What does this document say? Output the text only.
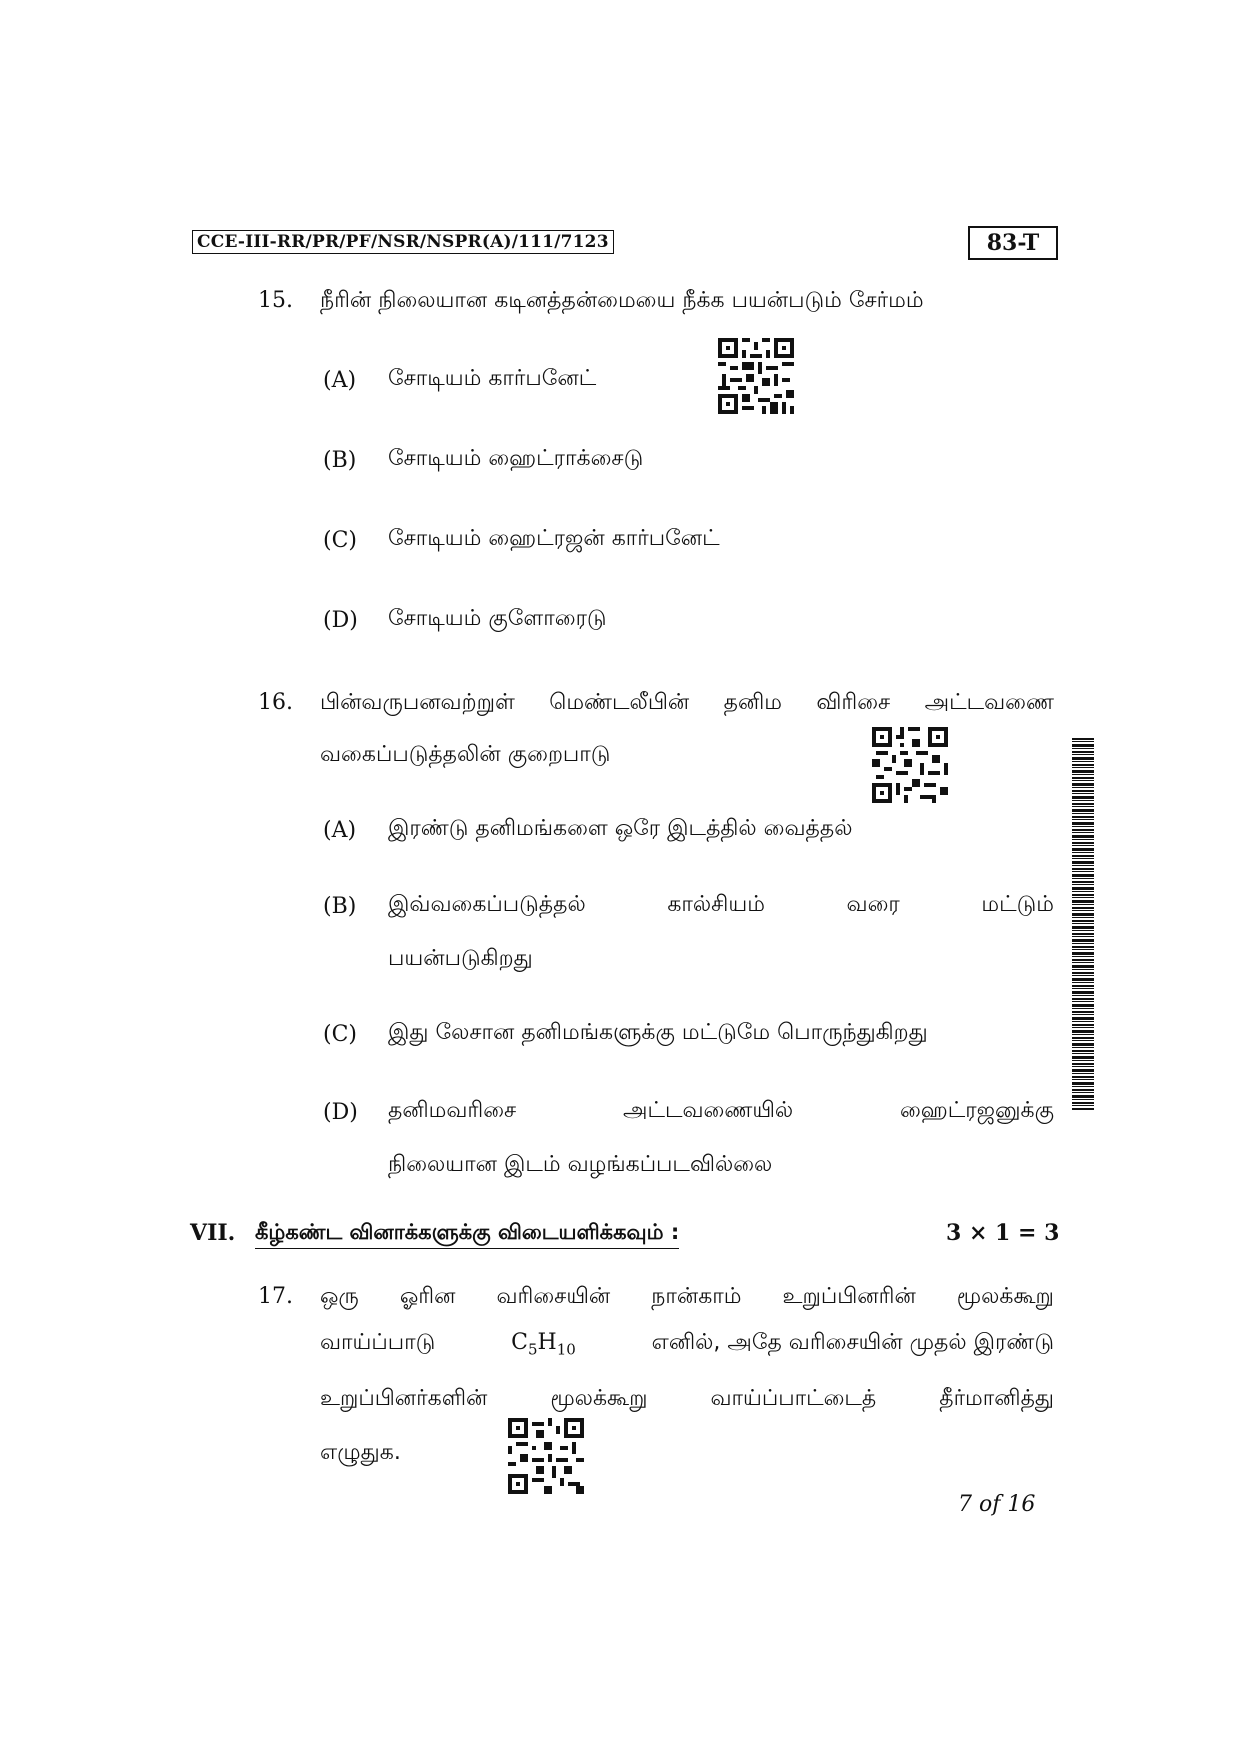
CCE-III-RR/PR/PF/NSR/NSPR(A)/111/7123	83-T
15. நீரின் நிலையான கடினத்தன்மையை நீக்க பயன்படும் சேர்மம்
(A) சோடியம் கார்பனேட்
(B) சோடியம் ஹைட்ராக்சைடு
(C) சோடியம் ஹைட்ரஜன் கார்பனேட்
(D) சோடியம் குளோரைடு
16. பின்வருபனவற்றுள் மெண்டலீபின் தனிம விரிசை அட்டவணை
வகைப்படுத்தலின் குறைபாடு
(A) இரண்டு தனிமங்களை ஒரே இடத்தில் வைத்தல்
(B) இவ்வகைப்படுத்தல்	கால்சியம்	வரை	மட்டும்
பயன்படுகிறது
(C) இது லேசான தனிமங்களுக்கு மட்டுமே பொருந்துகிறது
(D) தனிமவரிசை	அட்டவணையில்	ஹைட்ரஜனுக்கு
நிலையான இடம் வழங்கப்படவில்லை
VII. கீழ்கண்ட வினாக்களுக்கு விடையளிக்கவும் :	3 × 1 = 3
17. ஒரு ஓரின வரிசையின் நான்காம் உறுப்பினரின் மூலக்கூறு
வாய்ப்பாடு	$C_5H_{10}$	எனில், அதே வரிசையின் முதல் இரண்டு
உறுப்பினர்களின்	மூலக்கூறு	வாய்ப்பாட்டைத்	தீர்மானித்து
எழுதுக.
7 of 16
